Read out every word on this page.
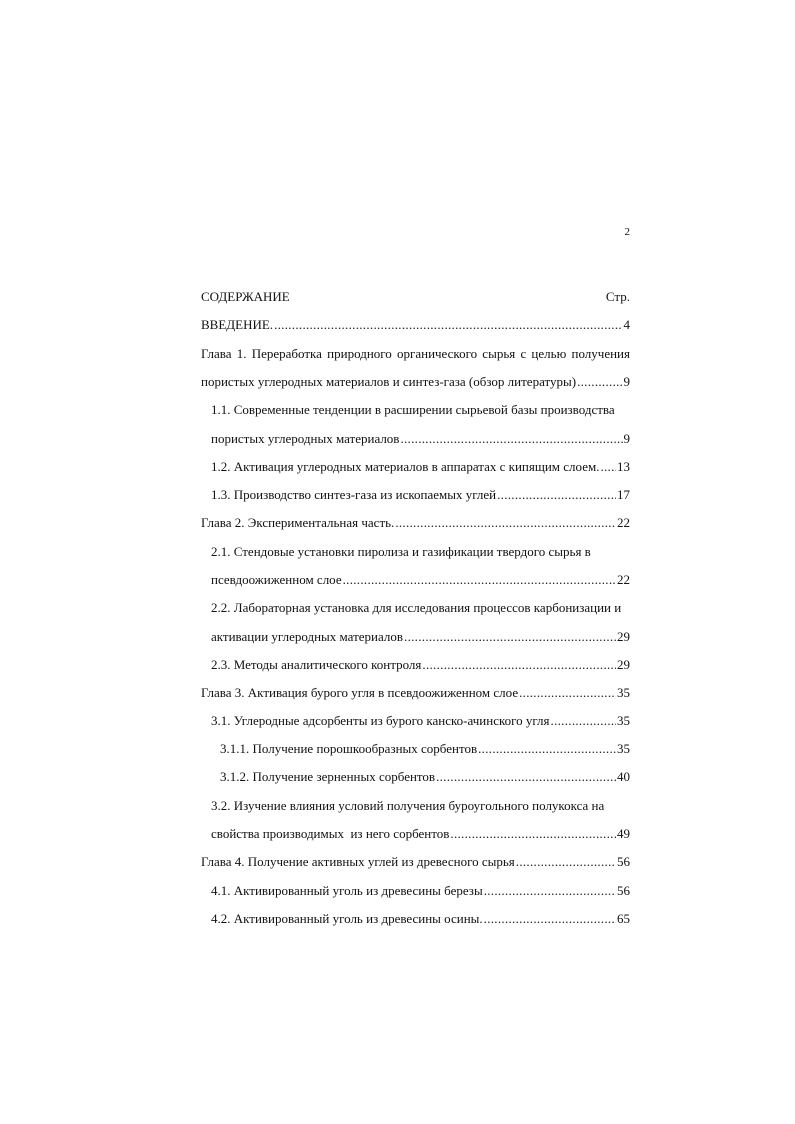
2
СОДЕРЖАНИЕ	Стр.
ВВЕДЕНИЕ. .....	4
Глава 1. Переработка природного органического сырья с целью получения
пористых углеродных материалов и синтез-газа (обзор литературы) .....	9
1.1. Современные тенденции в расширении сырьевой базы производства
пористых углеродных материалов .....	9
1.2. Активация углеродных материалов в аппаратах с кипящим слоем. ..... 13
1.3. Производство синтез-газа из ископаемых углей .....	17
Глава 2. Экспериментальная часть. .....	22
2.1. Стендовые установки пиролиза и газификации твердого сырья в
псевдоожиженном слое .....	22
2.2. Лабораторная установка для исследования процессов карбонизации и
активации углеродных материалов .....	29
2.3. Методы аналитического контроля .....	29
Глава 3. Активация бурого угля в псевдоожиженном слое .....	35
3.1. Углеродные адсорбенты из бурого канско-ачинского угля .....	35
3.1.1. Получение порошкообразных сорбентов .....	35
3.1.2. Получение зерненных сорбентов .....	40
3.2. Изучение влияния условий получения буроугольного полукокса на
свойства производимых  из него сорбентов .....	49
Глава 4. Получение активных углей из древесного сырья .....	56
4.1. Активированный уголь из древесины березы .....	56
4.2. Активированный уголь из древесины осины. .....	65
